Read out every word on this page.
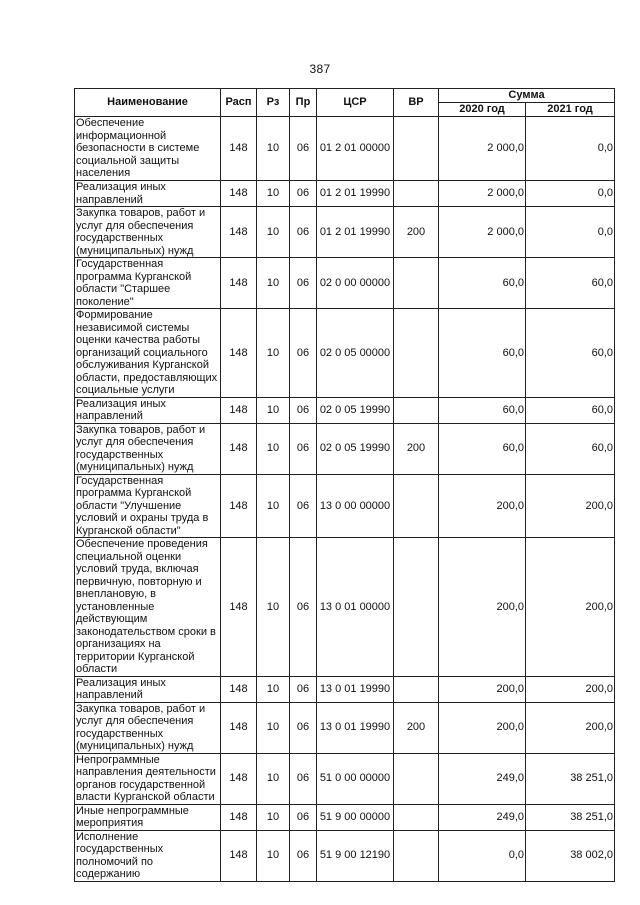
387
Наименование	Расп	Рз	Пр	ЦСР	ВР	Сумма	
						2020 год	2021 год
Обеспечение информационной безопасности в системе социальной защиты населения	148	10	06	01 2 01 00000		2 000,0	0,0
Реализация иных направлений	148	10	06	01 2 01 19990		2 000,0	0,0
Закупка товаров, работ и услуг для обеспечения государственных (муниципальных) нужд	148	10	06	01 2 01 19990	200	2 000,0	0,0
Государственная программа Курганской области "Старшее поколение"	148	10	06	02 0 00 00000		60,0	60,0
Формирование независимой системы оценки качества работы организаций социального обслуживания Курганской области, предоставляющих социальные услуги	148	10	06	02 0 05 00000		60,0	60,0
Реализация иных направлений	148	10	06	02 0 05 19990		60,0	60,0
Закупка товаров, работ и услуг для обеспечения государственных (муниципальных) нужд	148	10	06	02 0 05 19990	200	60,0	60,0
Государственная программа Курганской области "Улучшение условий и охраны труда в Курганской области"	148	10	06	13 0 00 00000		200,0	200,0
Обеспечение проведения специальной оценки условий труда, включая первичную, повторную и внеплановую, в установленные действующим законодательством сроки в организациях на территории Курганской области	148	10	06	13 0 01 00000		200,0	200,0
Реализация иных направлений	148	10	06	13 0 01 19990		200,0	200,0
Закупка товаров, работ и услуг для обеспечения государственных (муниципальных) нужд	148	10	06	13 0 01 19990	200	200,0	200,0
Непрограммные направления деятельности органов государственной власти Курганской области	148	10	06	51 0 00 00000		249,0	38 251,0
Иные непрограммные мероприятия	148	10	06	51 9 00 00000		249,0	38 251,0
Исполнение государственных полномочий по содержанию	148	10	06	51 9 00 12190		0,0	38 002,0
